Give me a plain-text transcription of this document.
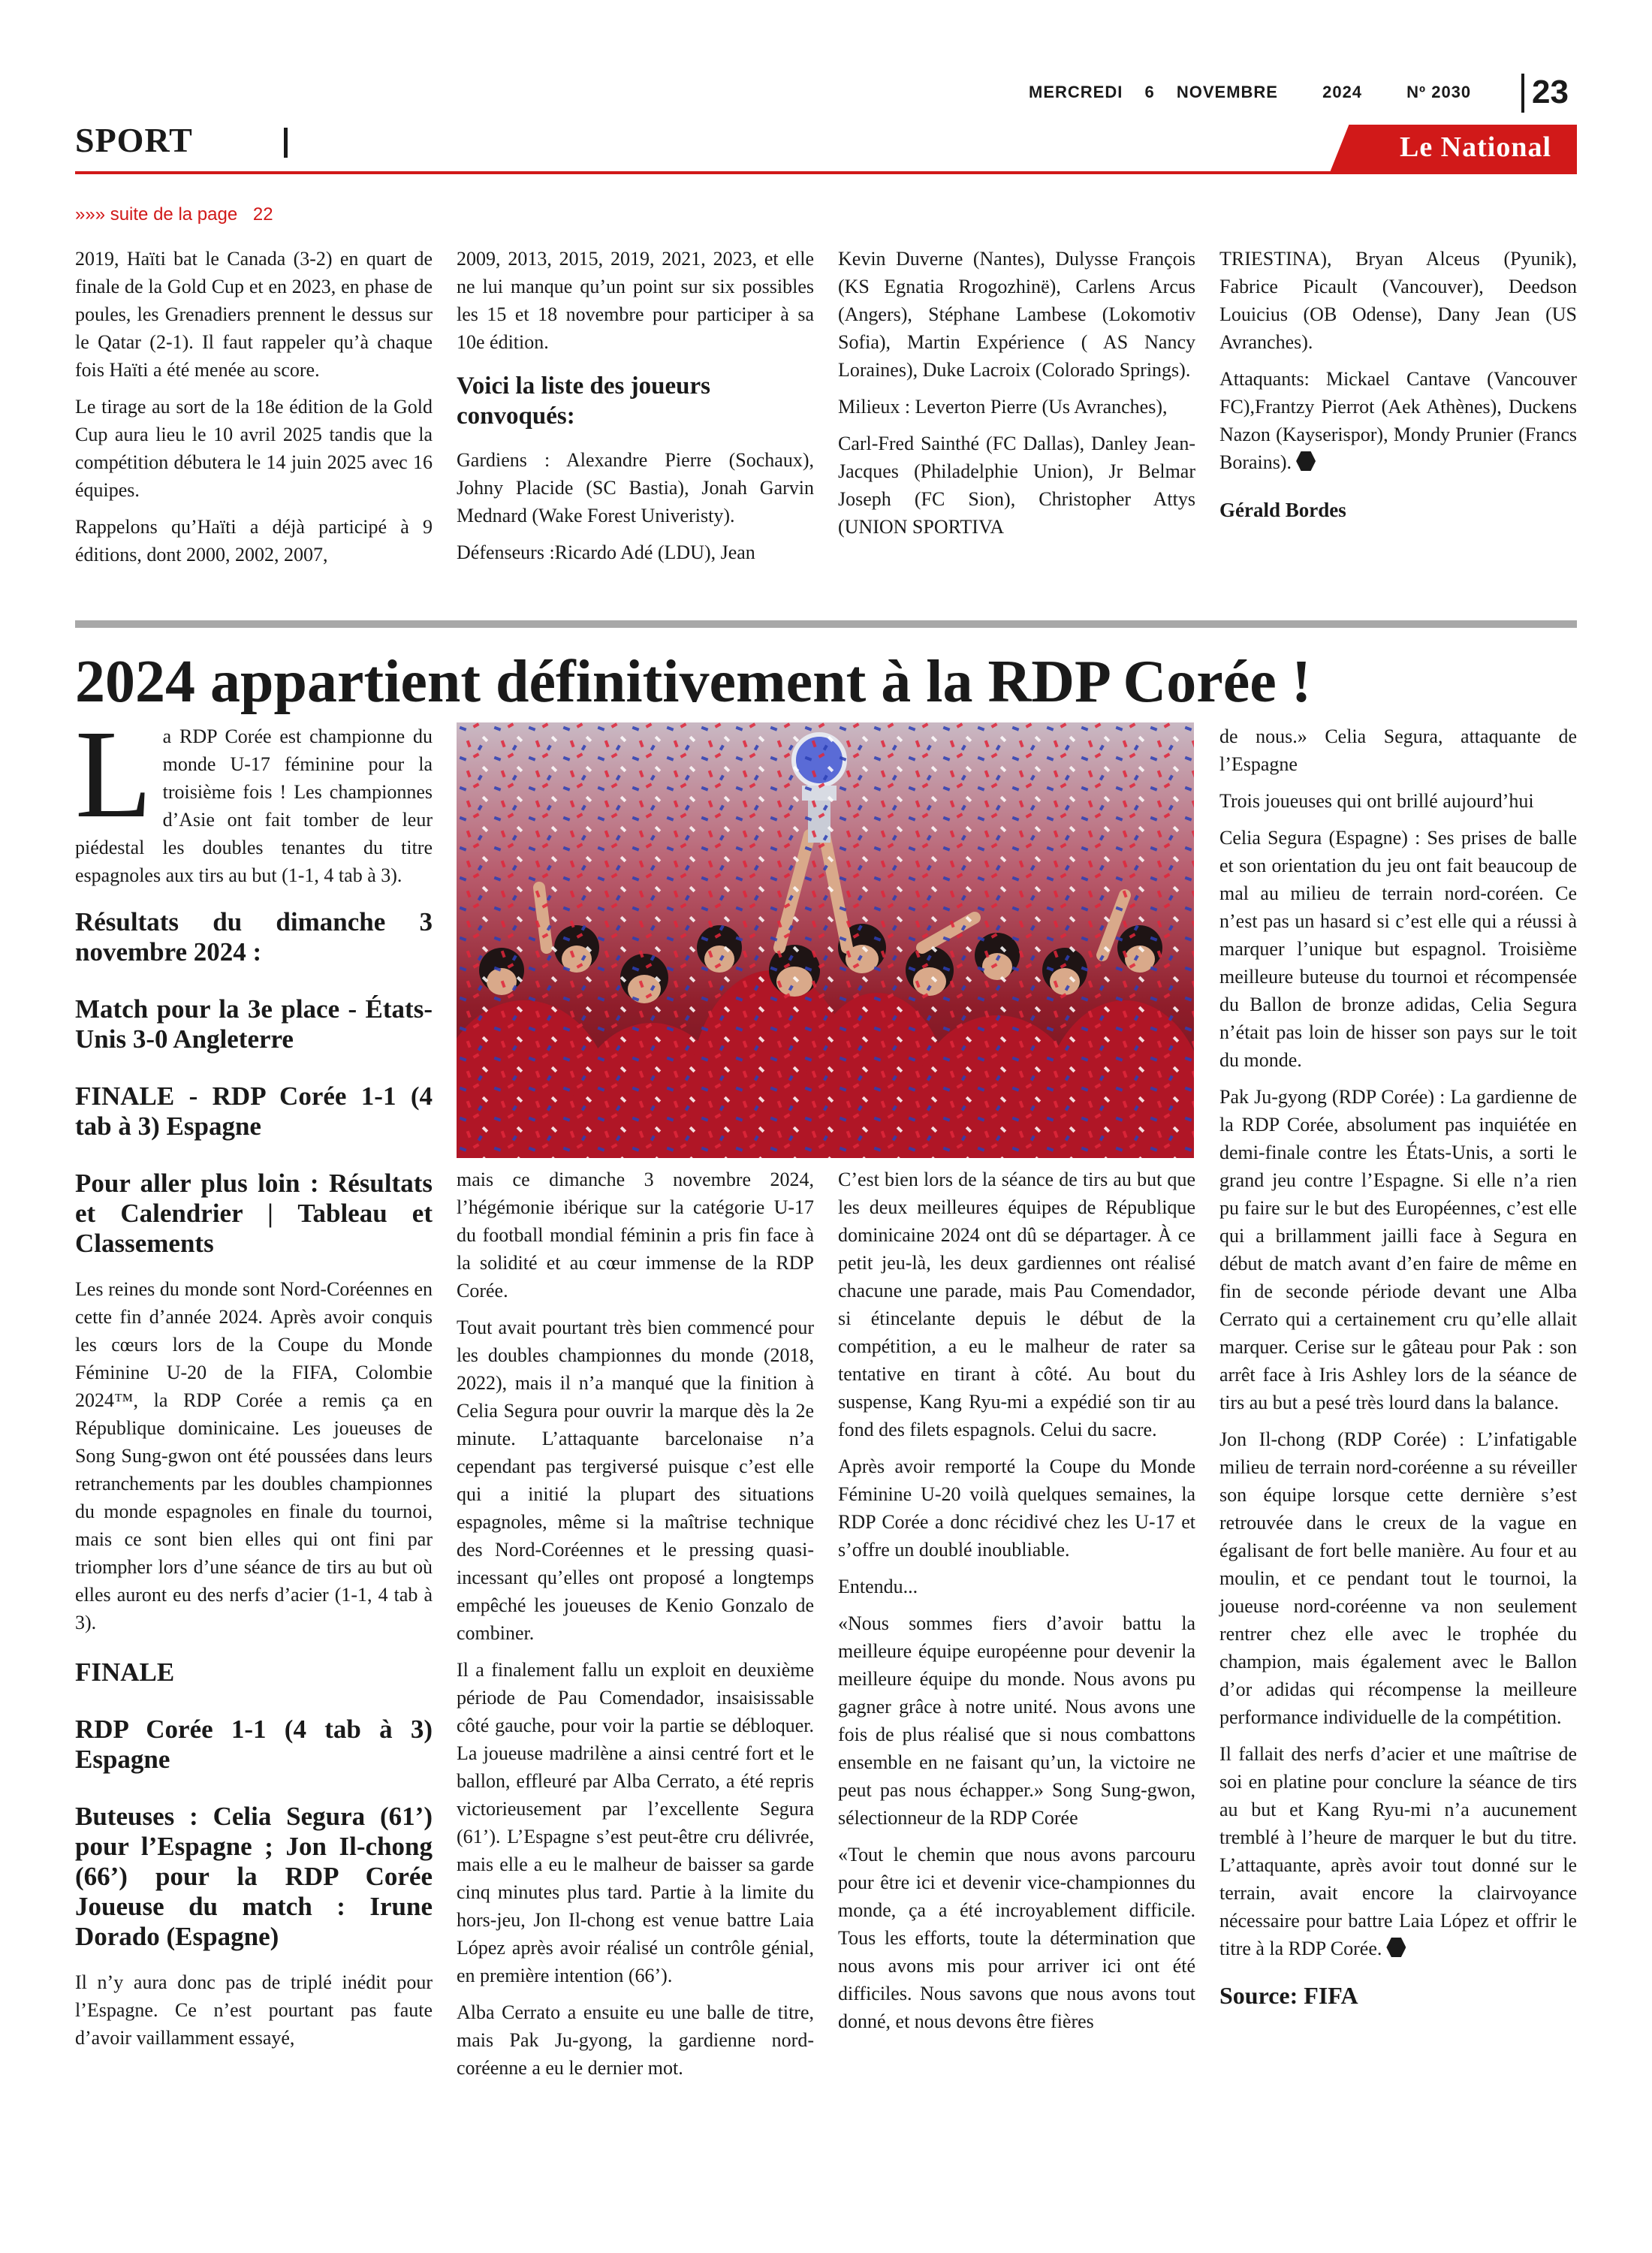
MERCREDI 6 NOVEMBRE	2024	Nº 2030 23
SPORT	Le National
»»» suite de la page 22

2019, Haïti bat le Canada (3-2) en quart de finale de la Gold Cup et en 2023, en phase de poules, les Grenadiers prennent le dessus sur le Qatar (2-1). Il faut rappeler qu’à chaque fois Haïti a été menée au score.

Le tirage au sort de la 18e édition de la Gold Cup aura lieu le 10 avril 2025 tandis que la compétition débutera le 14 juin 2025 avec 16 équipes.

Rappelons qu’Haïti a déjà participé à 9 éditions, dont 2000, 2002, 2007,

2009, 2013, 2015, 2019, 2021, 2023, et elle ne lui manque qu’un point sur six possibles les 15 et 18 novembre pour participer à sa 10e édition.

Voici la liste des joueurs convoqués:

Gardiens : Alexandre Pierre (Sochaux), Johny Placide (SC Bastia), Jonah Garvin Mednard (Wake Forest Univeristy).

Défenseurs :Ricardo Adé (LDU), Jean

Kevin Duverne (Nantes), Dulysse François (KS Egnatia Rrogozhinë), Carlens Arcus (Angers), Stéphane Lambese (Lokomotiv Sofia), Martin Expérience ( AS Nancy Loraines), Duke Lacroix (Colorado Springs).

Milieux : Leverton Pierre (Us Avranches),

Carl-Fred Sainthé (FC Dallas), Danley Jean-Jacques (Philadelphie Union), Jr Belmar Joseph (FC Sion), Christopher Attys (UNION SPORTIVA

TRIESTINA), Bryan Alceus (Pyunik), Fabrice Picault (Vancouver), Deedson Louicius (OB Odense), Dany Jean (US Avranches).

Attaquants: Mickael Cantave (Vancouver FC),Frantzy Pierrot (Aek Athènes), Duckens Nazon (Kayserispor), Mondy Prunier (Francs Borains).

Gérald Bordes
2024 appartient définitivement à la RDP Corée !

La RDP Corée est championne du monde U-17 féminine pour la troisième fois ! Les championnes d’Asie ont fait tomber de leur piédestal les doubles tenantes du titre espagnoles aux tirs au but (1-1, 4 tab à 3).

Résultats du dimanche 3 novembre 2024 :
Match pour la 3e place - États-Unis 3-0 Angleterre
FINALE - RDP Corée 1-1 (4 tab à 3) Espagne
Pour aller plus loin : Résultats et Calendrier | Tableau et Classements

Les reines du monde sont Nord-Coréennes en cette fin d’année 2024. Après avoir conquis les cœurs lors de la Coupe du Monde Féminine U-20 de la FIFA, Colombie 2024™, la RDP Corée a remis ça en République dominicaine. Les joueuses de Song Sung-gwon ont été poussées dans leurs retranchements par les doubles championnes du monde espagnoles en finale du tournoi, mais ce sont bien elles qui ont fini par triompher lors d’une séance de tirs au but où elles auront eu des nerfs d’acier (1-1, 4 tab à 3).

FINALE
RDP Corée 1-1 (4 tab à 3) Espagne
Buteuses : Celia Segura (61’) pour l’Espagne ; Jon Il-chong (66’) pour la RDP Corée Joueuse du match : Irune Dorado (Espagne)

Il n’y aura donc pas de triplé inédit pour l’Espagne. Ce n’est pourtant pas faute d’avoir vaillamment essayé,

mais ce dimanche 3 novembre 2024, l’hégémonie ibérique sur la catégorie U-17 du football mondial féminin a pris fin face à la solidité et au cœur immense de la RDP Corée.

Tout avait pourtant très bien commencé pour les doubles championnes du monde (2018, 2022), mais il n’a manqué que la finition à Celia Segura pour ouvrir la marque dès la 2e minute. L’attaquante barcelonaise n’a cependant pas tergiversé puisque c’est elle qui a initié la plupart des situations espagnoles, même si la maîtrise technique des Nord-Coréennes et le pressing quasi-incessant qu’elles ont proposé a longtemps empêché les joueuses de Kenio Gonzalo de combiner.

Il a finalement fallu un exploit en deuxième période de Pau Comendador, insaisissable côté gauche, pour voir la partie se débloquer. La joueuse madrilène a ainsi centré fort et le ballon, effleuré par Alba Cerrato, a été repris victorieusement par l’excellente Segura (61’). L’Espagne s’est peut-être cru délivrée, mais elle a eu le malheur de baisser sa garde cinq minutes plus tard. Partie à la limite du hors-jeu, Jon Il-chong est venue battre Laia López après avoir réalisé un contrôle génial, en première intention (66’).

Alba Cerrato a ensuite eu une balle de titre, mais Pak Ju-gyong, la gardienne nord-coréenne a eu le dernier mot.

C’est bien lors de la séance de tirs au but que les deux meilleures équipes de République dominicaine 2024 ont dû se départager. À ce petit jeu-là, les deux gardiennes ont réalisé chacune une parade, mais Pau Comendador, si étincelante depuis le début de la compétition, a eu le malheur de rater sa tentative en tirant à côté. Au bout du suspense, Kang Ryu-mi a expédié son tir au fond des filets espagnols. Celui du sacre.

Après avoir remporté la Coupe du Monde Féminine U-20 voilà quelques semaines, la RDP Corée a donc récidivé chez les U-17 et s’offre un doublé inoubliable.

Entendu...

«Nous sommes fiers d’avoir battu la meilleure équipe européenne pour devenir la meilleure équipe du monde. Nous avons pu gagner grâce à notre unité. Nous avons une fois de plus réalisé que si nous combattons ensemble en ne faisant qu’un, la victoire ne peut pas nous échapper.» Song Sung-gwon, sélectionneur de la RDP Corée

«Tout le chemin que nous avons parcouru pour être ici et devenir vice-championnes du monde, ça a été incroyablement difficile. Tous les efforts, toute la détermination que nous avons mis pour arriver ici ont été difficiles. Nous savons que nous avons tout donné, et nous devons être fières

de nous.» Celia Segura, attaquante de l’Espagne

Trois joueuses qui ont brillé aujourd’hui

Celia Segura (Espagne) : Ses prises de balle et son orientation du jeu ont fait beaucoup de mal au milieu de terrain nord-coréen. Ce n’est pas un hasard si c’est elle qui a réussi à marquer l’unique but espagnol. Troisième meilleure buteuse du tournoi et récompensée du Ballon de bronze adidas, Celia Segura n’était pas loin de hisser son pays sur le toit du monde.

Pak Ju-gyong (RDP Corée) : La gardienne de la RDP Corée, absolument pas inquiétée en demi-finale contre les États-Unis, a sorti le grand jeu contre l’Espagne. Si elle n’a rien pu faire sur le but des Européennes, c’est elle qui a brillamment jailli face à Segura en début de match avant d’en faire de même en fin de seconde période devant une Alba Cerrato qui a certainement cru qu’elle allait marquer. Cerise sur le gâteau pour Pak : son arrêt face à Iris Ashley lors de la séance de tirs au but a pesé très lourd dans la balance.

Jon Il-chong (RDP Corée) : L’infatigable milieu de terrain nord-coréenne a su réveiller son équipe lorsque cette dernière s’est retrouvée dans le creux de la vague en égalisant de fort belle manière. Au four et au moulin, et ce pendant tout le tournoi, la joueuse nord-coréenne va non seulement rentrer chez elle avec le trophée du champion, mais également avec le Ballon d’or adidas qui récompense la meilleure performance individuelle de la compétition.

Il fallait des nerfs d’acier et une maîtrise de soi en platine pour conclure la séance de tirs au but et Kang Ryu-mi n’a aucunement tremblé à l’heure de marquer le but du titre. L’attaquante, après avoir tout donné sur le terrain, avait encore la clairvoyance nécessaire pour battre Laia López et offrir le titre à la RDP Corée.

Source: FIFA
